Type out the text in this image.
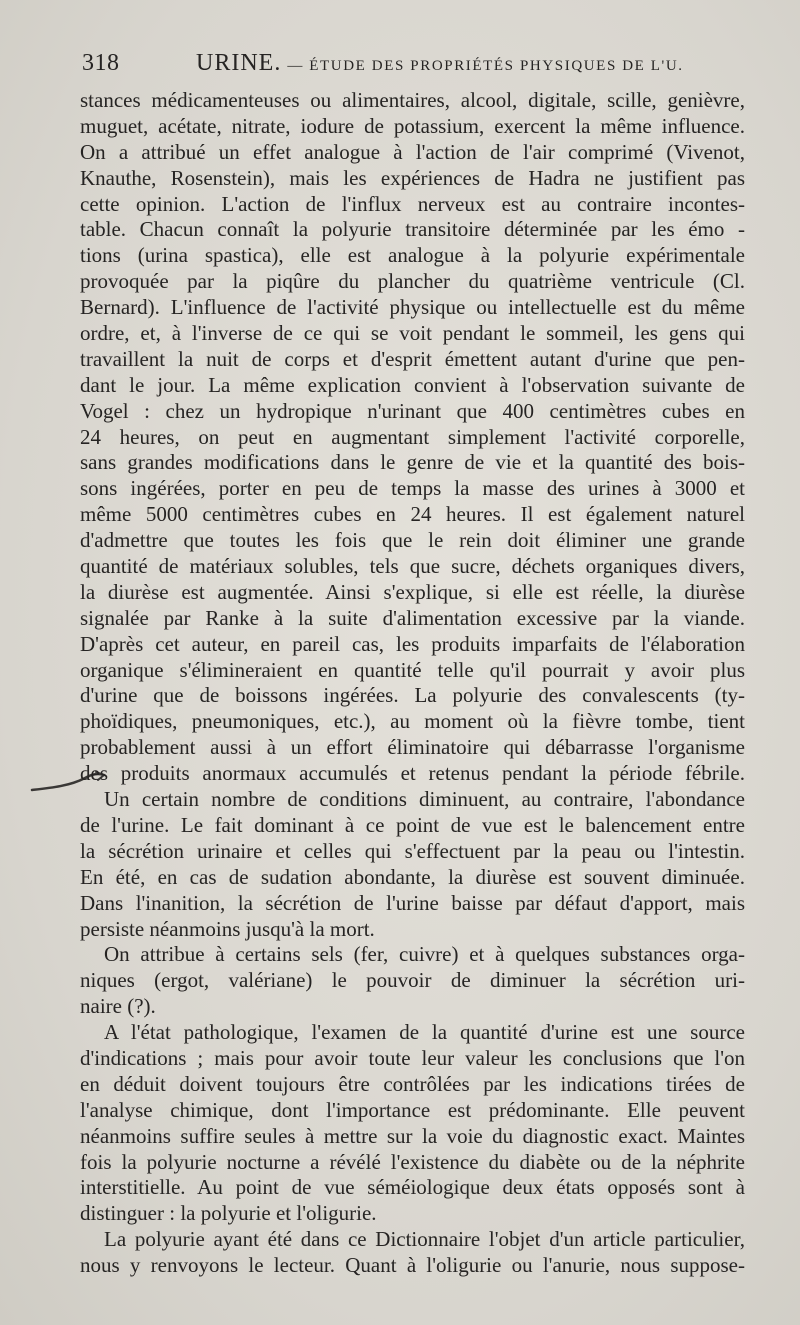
318	URINE. — ÉTUDE DES PROPRIÉTÉS PHYSIQUES DE L'U.
stances médicamenteuses ou alimentaires, alcool, digitale, scille, genièvre,
muguet, acétate, nitrate, iodure de potassium, exercent la même influence.
On a attribué un effet analogue à l'action de l'air comprimé (Vivenot,
Knauthe, Rosenstein), mais les expériences de Hadra ne justifient pas
cette opinion. L'action de l'influx nerveux est au contraire incontes-
table. Chacun connaît la polyurie transitoire déterminée par les émo -
tions (urina spastica), elle est analogue à la polyurie expérimentale
provoquée par la piqûre du plancher du quatrième ventricule (Cl.
Bernard). L'influence de l'activité physique ou intellectuelle est du même
ordre, et, à l'inverse de ce qui se voit pendant le sommeil, les gens qui
travaillent la nuit de corps et d'esprit émettent autant d'urine que pen-
dant le jour. La même explication convient à l'observation suivante de
Vogel : chez un hydropique n'urinant que 400 centimètres cubes en
24 heures, on peut en augmentant simplement l'activité corporelle,
sans grandes modifications dans le genre de vie et la quantité des bois-
sons ingérées, porter en peu de temps la masse des urines à 3000 et
même 5000 centimètres cubes en 24 heures. Il est également naturel
d'admettre que toutes les fois que le rein doit éliminer une grande
quantité de matériaux solubles, tels que sucre, déchets organiques divers,
la diurèse est augmentée. Ainsi s'explique, si elle est réelle, la diurèse
signalée par Ranke à la suite d'alimentation excessive par la viande.
D'après cet auteur, en pareil cas, les produits imparfaits de l'élaboration
organique s'élimineraient en quantité telle qu'il pourrait y avoir plus
d'urine que de boissons ingérées. La polyurie des convalescents (ty-
phoïdiques, pneumoniques, etc.), au moment où la fièvre tombe, tient
probablement aussi à un effort éliminatoire qui débarrasse l'organisme
des produits anormaux accumulés et retenus pendant la période fébrile.
Un certain nombre de conditions diminuent, au contraire, l'abondance
de l'urine. Le fait dominant à ce point de vue est le balencement entre
la sécrétion urinaire et celles qui s'effectuent par la peau ou l'intestin.
En été, en cas de sudation abondante, la diurèse est souvent diminuée.
Dans l'inanition, la sécrétion de l'urine baisse par défaut d'apport, mais
persiste néanmoins jusqu'à la mort.
On attribue à certains sels (fer, cuivre) et à quelques substances orga-
niques (ergot, valériane) le pouvoir de diminuer la sécrétion uri-
naire (?).
A l'état pathologique, l'examen de la quantité d'urine est une source
d'indications ; mais pour avoir toute leur valeur les conclusions que l'on
en déduit doivent toujours être contrôlées par les indications tirées de
l'analyse chimique, dont l'importance est prédominante. Elle peuvent
néanmoins suffire seules à mettre sur la voie du diagnostic exact. Maintes
fois la polyurie nocturne a révélé l'existence du diabète ou de la néphrite
interstitielle. Au point de vue séméiologique deux états opposés sont à
distinguer : la polyurie et l'oligurie.
La polyurie ayant été dans ce Dictionnaire l'objet d'un article particulier,
nous y renvoyons le lecteur. Quant à l'oligurie ou l'anurie, nous suppose-
